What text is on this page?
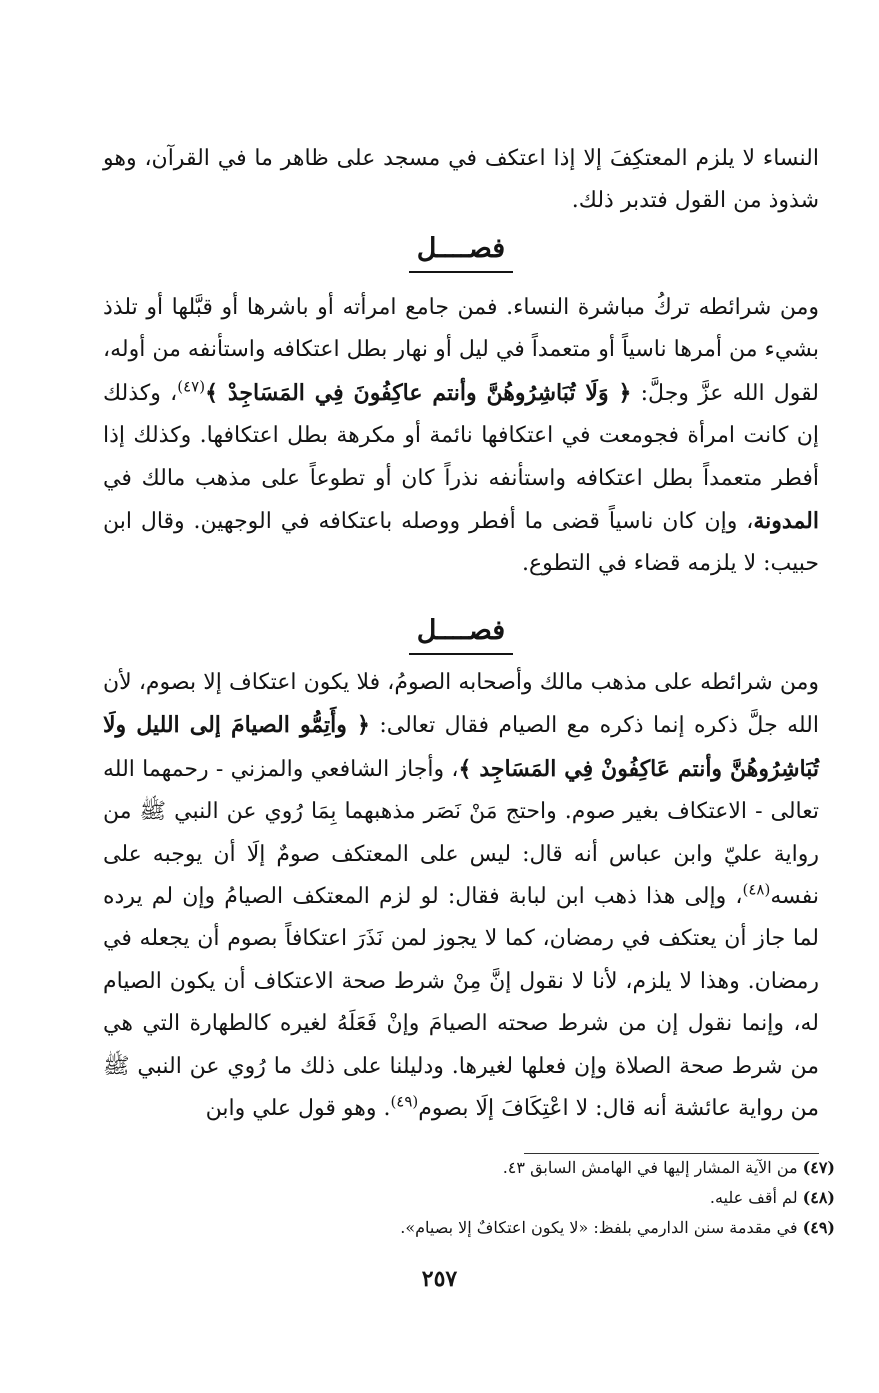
النساء لا يلزم المعتكِفَ إلا إذا اعتكف في مسجد على ظاهر ما في القرآن، وهو شذوذ من القول فتدبر ذلك.

فصــــل

ومن شرائطه تركُ مباشرة النساء. فمن جامع امرأته أو باشرها أو قبَّلها أو تلذذ بشيء من أمرها ناسياً أو متعمداً في ليل أو نهار بطل اعتكافه واستأنفه من أوله، لقول الله عزَّ وجلَّ: ﴿ وَلَا تُبَاشِرُوهُنَّ وأنتم عاكِفُونَ فِي المَسَاجِدْ ﴾$^{(٤٧)}$، وكذلك إن كانت امرأة فجومعت في اعتكافها نائمة أو مكرهة بطل اعتكافها. وكذلك إذا أفطر متعمداً بطل اعتكافه واستأنفه نذراً كان أو تطوعاً على مذهب مالك في المدونة، وإن كان ناسياً قضى ما أفطر ووصله باعتكافه في الوجهين. وقال ابن حبيب: لا يلزمه قضاء في التطوع.

فصــــل

ومن شرائطه على مذهب مالك وأصحابه الصومُ، فلا يكون اعتكاف إلا بصوم، لأن الله جلَّ ذكره إنما ذكره مع الصيام فقال تعالى: ﴿ وأَتِمُّو الصيامَ إلى الليل ولَا تُبَاشِرُوهُنَّ وأنتم عَاكِفُونْ فِي المَسَاجِد ﴾، وأجاز الشافعي والمزني - رحمهما الله تعالى - الاعتكاف بغير صوم. واحتج مَنْ نَصَر مذهبهما بِمَا رُوي عن النبي ﷺ من رواية عليّ وابن عباس أنه قال: ليس على المعتكف صومٌ إلَا أن يوجبه على نفسه$^{(٤٨)}$، وإلى هذا ذهب ابن لبابة فقال: لو لزم المعتكف الصيامُ وإن لم يرده لما جاز أن يعتكف في رمضان، كما لا يجوز لمن نَذَرَ اعتكافاً بصوم أن يجعله في رمضان. وهذا لا يلزم، لأنا لا نقول إنَّ مِنْ شرط صحة الاعتكاف أن يكون الصيام له، وإنما نقول إن من شرط صحته الصيامَ وإنْ فَعَلَهُ لغيره كالطهارة التي هي من شرط صحة الصلاة وإن فعلها لغيرها. ودليلنا على ذلك ما رُوي عن النبي ﷺ من رواية عائشة أنه قال: لا اعْتِكَافَ إلَا بصوم$^{(٤٩)}$. وهو قول علي وابن

(٤٧) من الآية المشار إليها في الهامش السابق ٤٣.

(٤٨) لم أقف عليه.

(٤٩) في مقدمة سنن الدارمي بلفظ: «لا يكون اعتكافٌ إلا بصيام».

٢٥٧
